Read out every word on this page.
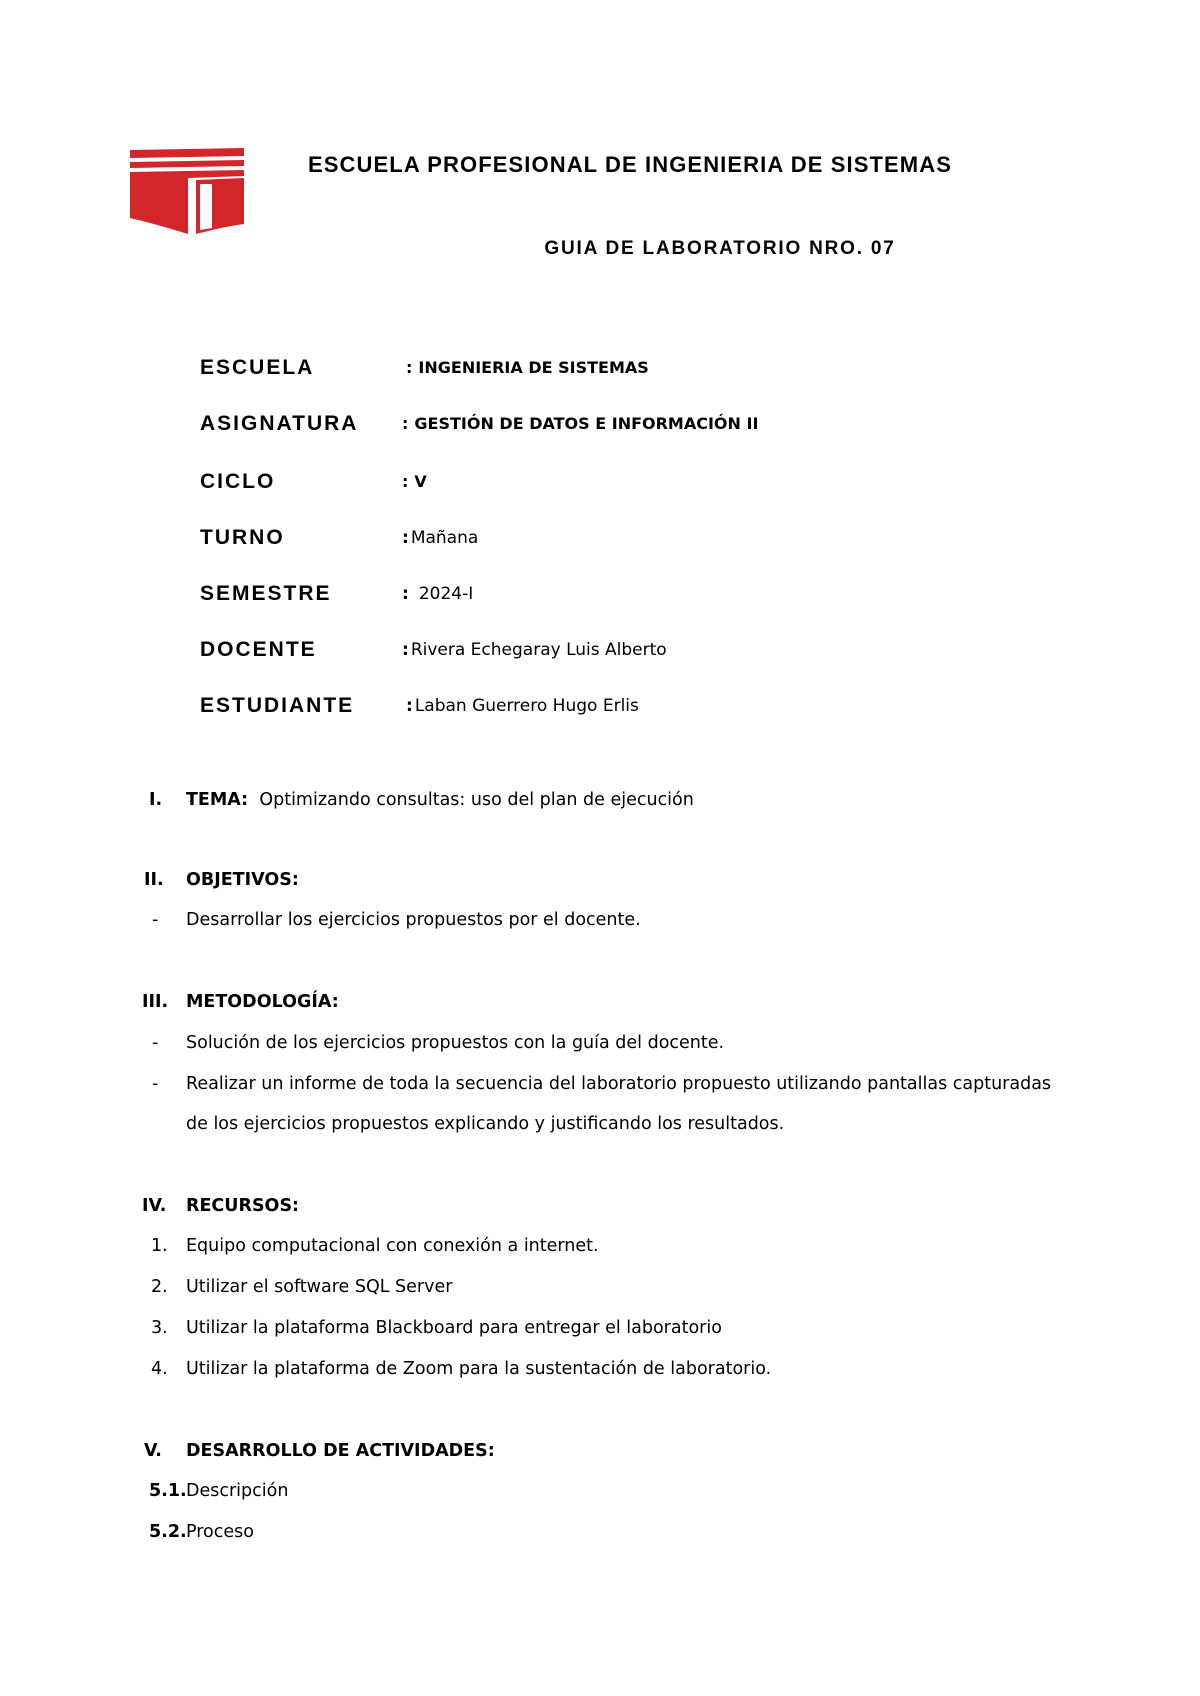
ESCUELA PROFESIONAL DE INGENIERIA DE SISTEMAS
GUIA DE LABORATORIO NRO. 07
ESCUELA	: INGENIERIA DE SISTEMAS
ASIGNATURA	: GESTIÓN DE DATOS E INFORMACIÓN II
CICLO	: V
TURNO	: Mañana
SEMESTRE	: 2024-I
DOCENTE	: Rivera Echegaray Luis Alberto
ESTUDIANTE	: Laban Guerrero Hugo Erlis
I. TEMA: Optimizando consultas: uso del plan de ejecución
II. OBJETIVOS:
- Desarrollar los ejercicios propuestos por el docente.
III. METODOLOGÍA:
- Solución de los ejercicios propuestos con la guía del docente.
- Realizar un informe de toda la secuencia del laboratorio propuesto utilizando pantallas capturadas
de los ejercicios propuestos explicando y justificando los resultados.
IV. RECURSOS:
1. Equipo computacional con conexión a internet.
2. Utilizar el software SQL Server
3. Utilizar la plataforma Blackboard para entregar el laboratorio
4. Utilizar la plataforma de Zoom para la sustentación de laboratorio.
V. DESARROLLO DE ACTIVIDADES:
5.1. Descripción
5.2. Proceso
